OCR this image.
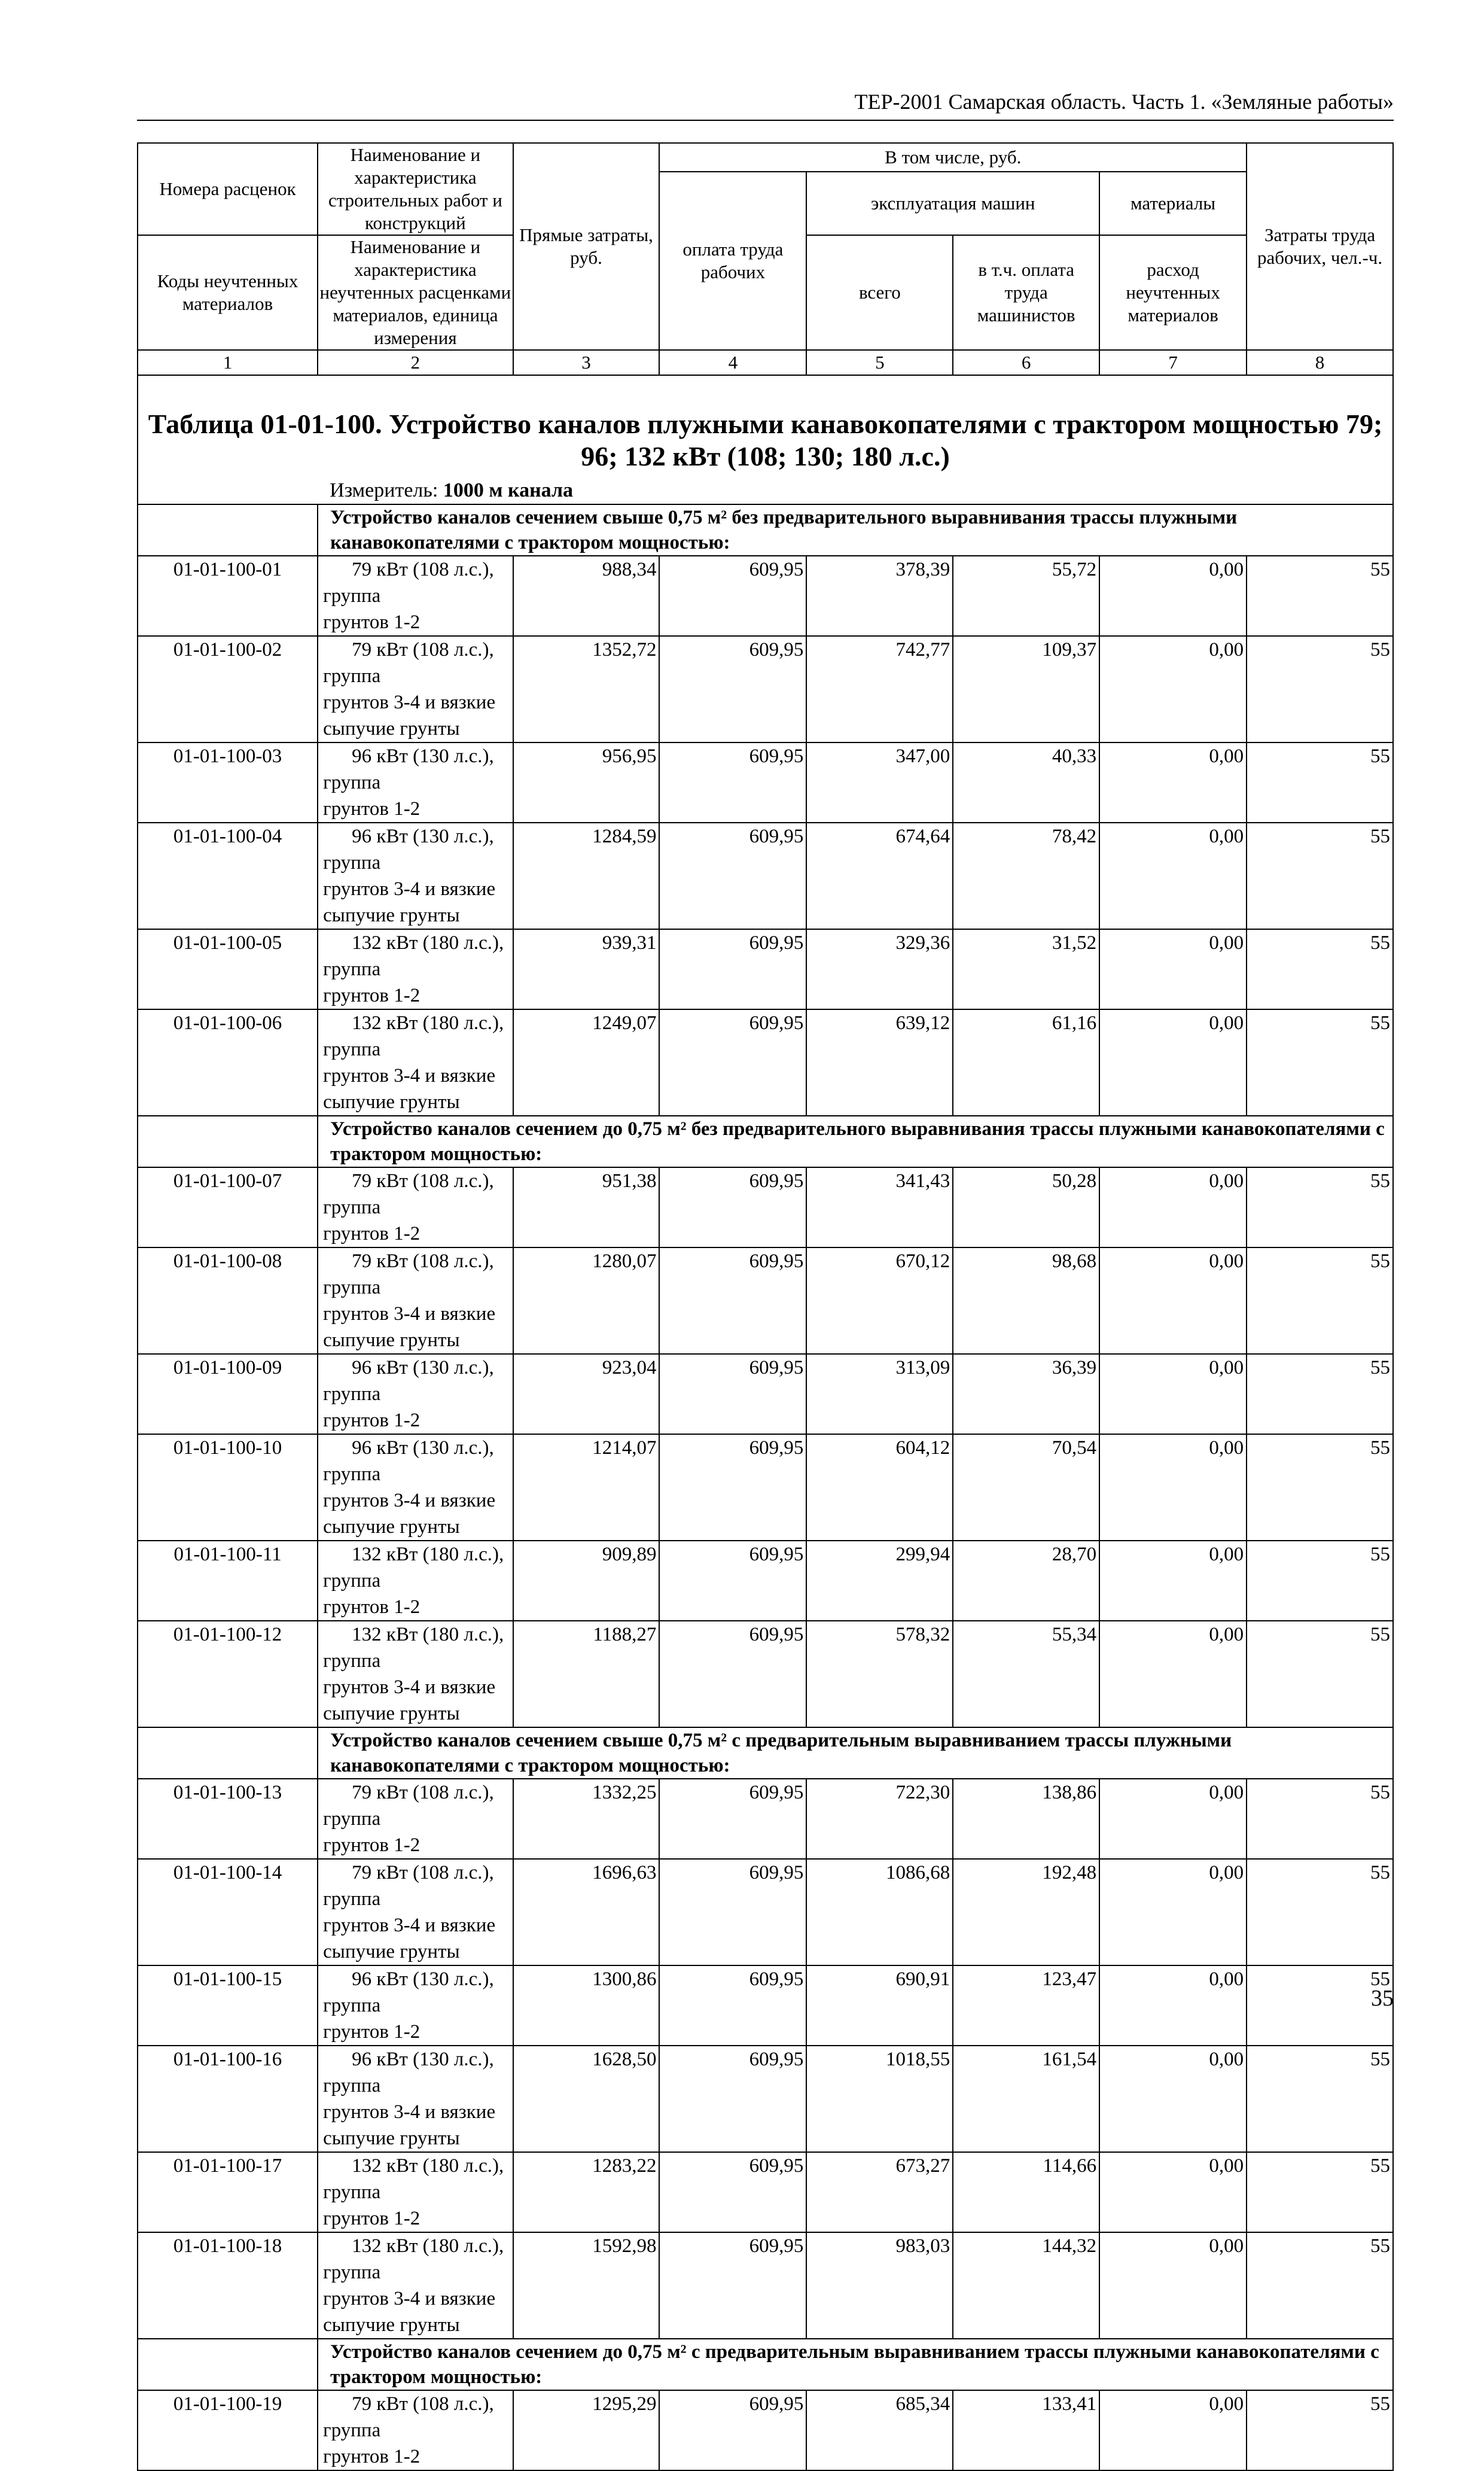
ТЕР-2001 Самарская область. Часть 1. «Земляные работы»
Номера расценок	Наименование и характеристика строительных работ и конструкций	Прямые затраты, руб.	В том числе, руб.				Затраты труда рабочих, чел.-ч.
			оплата труда рабочих	эксплуатация машин		материалы	
Коды неучтенных материалов	Наименование и характеристика неучтенных расценками материалов, единица измерения			всего	в т.ч. оплата труда машинистов	расход неучтенных материалов	
1	2	3	4	5	6	7	8
Таблица 01-01-100. Устройство каналов плужными канавокопателями с трактором мощностью 79; 96; 132 кВт (108; 130; 180 л.с.)							
	Измеритель: 1000 м канала						
	Устройство каналов сечением свыше 0,75 м² без предварительного выравнивания трассы плужными канавокопателями с трактором мощностью:						
01-01-100-01	79 кВт (108 л.с.), группа
грунтов 1-2	988,34	609,95	378,39	55,72	0,00	55
01-01-100-02	79 кВт (108 л.с.), группа
грунтов 3-4 и вязкие сыпучие грунты	1352,72	609,95	742,77	109,37	0,00	55
01-01-100-03	96 кВт (130 л.с.), группа
грунтов 1-2	956,95	609,95	347,00	40,33	0,00	55
01-01-100-04	96 кВт (130 л.с.), группа
грунтов 3-4 и вязкие сыпучие грунты	1284,59	609,95	674,64	78,42	0,00	55
01-01-100-05	132 кВт (180 л.с.), группа
грунтов 1-2	939,31	609,95	329,36	31,52	0,00	55
01-01-100-06	132 кВт (180 л.с.), группа
грунтов 3-4 и вязкие сыпучие грунты	1249,07	609,95	639,12	61,16	0,00	55
	Устройство каналов сечением до 0,75 м² без предварительного выравнивания трассы плужными канавокопателями с трактором мощностью:						
01-01-100-07	79 кВт (108 л.с.), группа
грунтов 1-2	951,38	609,95	341,43	50,28	0,00	55
01-01-100-08	79 кВт (108 л.с.), группа
грунтов 3-4 и вязкие сыпучие грунты	1280,07	609,95	670,12	98,68	0,00	55
01-01-100-09	96 кВт (130 л.с.), группа
грунтов 1-2	923,04	609,95	313,09	36,39	0,00	55
01-01-100-10	96 кВт (130 л.с.), группа
грунтов 3-4 и вязкие сыпучие грунты	1214,07	609,95	604,12	70,54	0,00	55
01-01-100-11	132 кВт (180 л.с.), группа
грунтов 1-2	909,89	609,95	299,94	28,70	0,00	55
01-01-100-12	132 кВт (180 л.с.), группа
грунтов 3-4 и вязкие сыпучие грунты	1188,27	609,95	578,32	55,34	0,00	55
	Устройство каналов сечением свыше 0,75 м² с предварительным выравниванием трассы плужными канавокопателями с трактором мощностью:						
01-01-100-13	79 кВт (108 л.с.), группа
грунтов 1-2	1332,25	609,95	722,30	138,86	0,00	55
01-01-100-14	79 кВт (108 л.с.), группа
грунтов 3-4 и вязкие сыпучие грунты	1696,63	609,95	1086,68	192,48	0,00	55
01-01-100-15	96 кВт (130 л.с.), группа
грунтов 1-2	1300,86	609,95	690,91	123,47	0,00	55
01-01-100-16	96 кВт (130 л.с.), группа
грунтов 3-4 и вязкие сыпучие грунты	1628,50	609,95	1018,55	161,54	0,00	55
01-01-100-17	132 кВт (180 л.с.), группа
грунтов 1-2	1283,22	609,95	673,27	114,66	0,00	55
01-01-100-18	132 кВт (180 л.с.), группа
грунтов 3-4 и вязкие сыпучие грунты	1592,98	609,95	983,03	144,32	0,00	55
	Устройство каналов сечением до 0,75 м² с предварительным выравниванием трассы плужными канавокопателями с трактором мощностью:						
01-01-100-19	79 кВт (108 л.с.), группа
грунтов 1-2	1295,29	609,95	685,34	133,41	0,00	55
35
